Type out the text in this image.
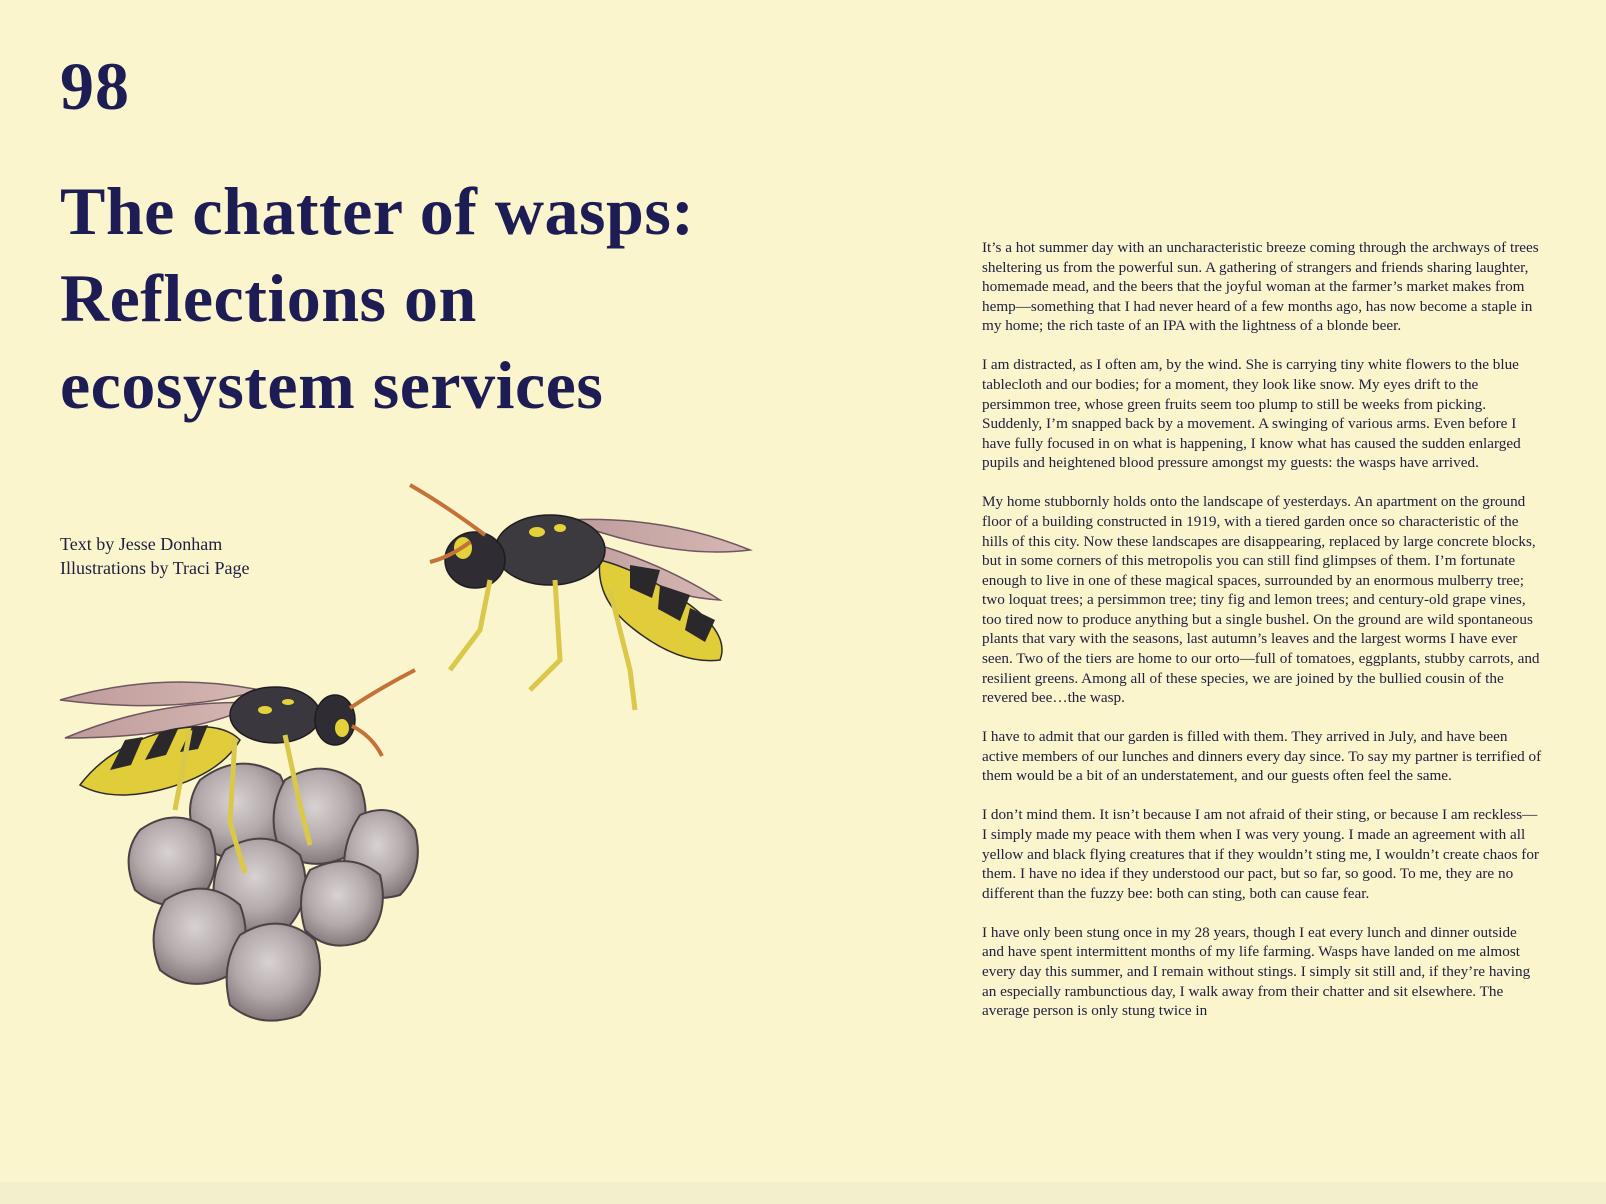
98
The chatter of wasps: Reflections on ecosystem services
Text by Jesse Donham
Illustrations by Traci Page

It’s a hot summer day with an uncharacteristic breeze coming through the archways of trees sheltering us from the powerful sun. A gathering of strangers and friends sharing laughter, homemade mead, and the beers that the joyful woman at the farmer’s market makes from hemp—something that I had never heard of a few months ago, has now become a staple in my home; the rich taste of an IPA with the lightness of a blonde beer.

I am distracted, as I often am, by the wind. She is carrying tiny white flowers to the blue tablecloth and our bodies; for a moment, they look like snow. My eyes drift to the persimmon tree, whose green fruits seem too plump to still be weeks from picking. Suddenly, I’m snapped back by a movement. A swinging of various arms. Even before I have fully focused in on what is happening, I know what has caused the sudden enlarged pupils and heightened blood pressure amongst my guests: the wasps have arrived.

My home stubbornly holds onto the landscape of yesterdays. An apartment on the ground floor of a building constructed in 1919, with a tiered garden once so characteristic of the hills of this city. Now these landscapes are disappearing, replaced by large concrete blocks, but in some corners of this metropolis you can still find glimpses of them. I’m fortunate enough to live in one of these magical spaces, surrounded by an enormous mulberry tree; two loquat trees; a persimmon tree; tiny fig and lemon trees; and century-old grape vines, too tired now to produce anything but a single bushel. On the ground are wild spontaneous plants that vary with the seasons, last autumn’s leaves and the largest worms I have ever seen. Two of the tiers are home to our orto—full of tomatoes, eggplants, stubby carrots, and resilient greens. Among all of these species, we are joined by the bullied cousin of the revered bee…the wasp.

I have to admit that our garden is filled with them. They arrived in July, and have been active members of our lunches and dinners every day since. To say my partner is terrified of them would be a bit of an understatement, and our guests often feel the same.

I don’t mind them. It isn’t because I am not afraid of their sting, or because I am reckless—I simply made my peace with them when I was very young. I made an agreement with all yellow and black flying creatures that if they wouldn’t sting me, I wouldn’t create chaos for them. I have no idea if they understood our pact, but so far, so good. To me, they are no different than the fuzzy bee: both can sting, both can cause fear.

I have only been stung once in my 28 years, though I eat every lunch and dinner outside and have spent intermittent months of my life farming. Wasps have landed on me almost every day this summer, and I remain without stings. I simply sit still and, if they’re having an especially rambunctious day, I walk away from their chatter and sit elsewhere. The average person is only stung twice in
